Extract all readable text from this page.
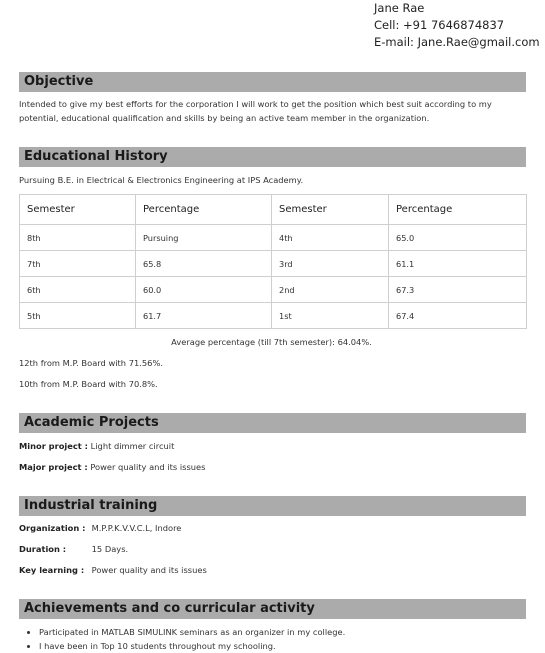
Jane Rae
Cell: +91 7646874837
E-mail: Jane.Rae@gmail.com
Objective
Intended to give my best efforts for the corporation I will work to get the position which best suit according to my potential, educational qualification and skills by being an active team member in the organization.
Educational History
Pursuing B.E. in Electrical & Electronics Engineering at IPS Academy.
Semester	Percentage	Semester	Percentage
8th	Pursuing	4th	65.0
7th	65.8	3rd	61.1
6th	60.0	2nd	67.3
5th	61.7	1st	67.4
Average percentage (till 7th semester): 64.04%.
12th from M.P. Board with 71.56%.
10th from M.P. Board with 70.8%.
Academic Projects
Minor project : Light dimmer circuit
Major project : Power quality and its issues
Industrial training
Organization : M.P.P.K.V.V.C.L, Indore
Duration :	15 Days.
Key learning : Power quality and its issues
Achievements and co curricular activity
• Participated in MATLAB SIMULINK seminars as an organizer in my college.
• I have been in Top 10 students throughout my schooling.
